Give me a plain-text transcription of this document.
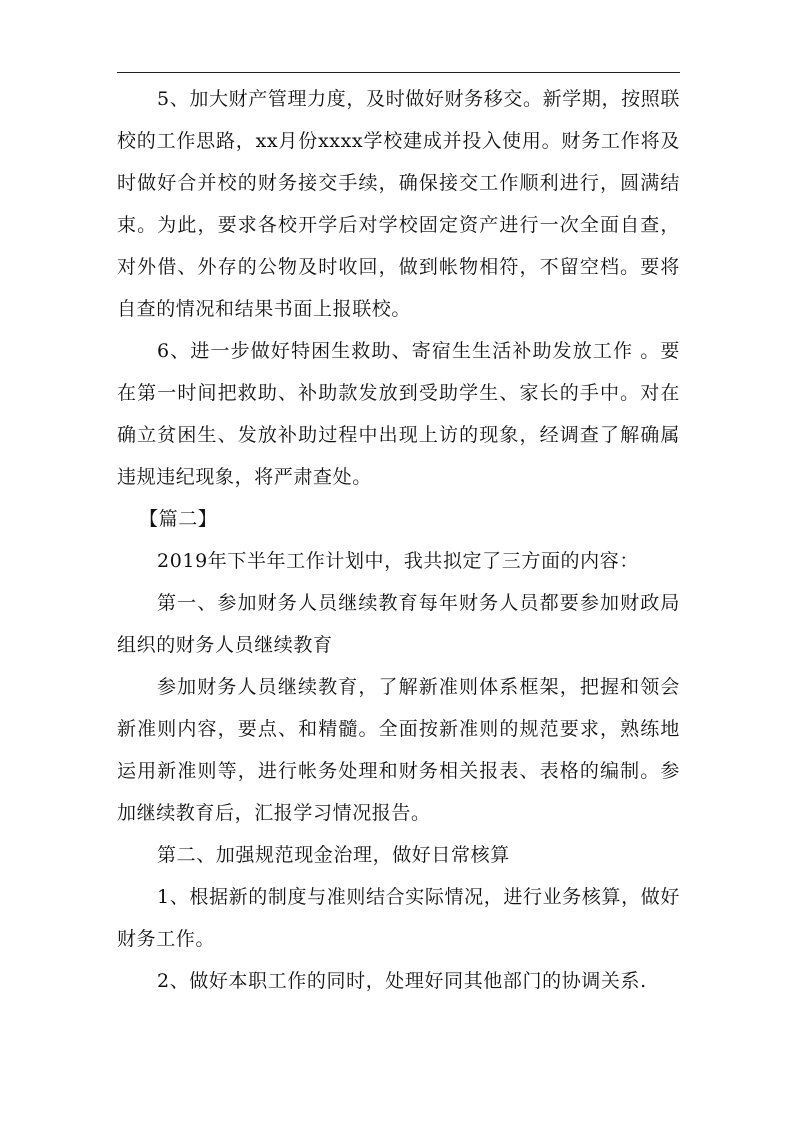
5、加大财产管理力度，及时做好财务移交。新学期，按照联校的工作思路，xx月份xxxx学校建成并投入使用。财务工作将及时做好合并校的财务接交手续，确保接交工作顺利进行，圆满结束。为此，要求各校开学后对学校固定资产进行一次全面自查，对外借、外存的公物及时收回，做到帐物相符，不留空档。要将自查的情况和结果书面上报联校。

6、进一步做好特困生救助、寄宿生生活补助发放工作 。要在第一时间把救助、补助款发放到受助学生、家长的手中。对在确立贫困生、发放补助过程中出现上访的现象，经调查了解确属违规违纪现象，将严肃查处。

【篇二】

2019年下半年工作计划中，我共拟定了三方面的内容：

第一、参加财务人员继续教育每年财务人员都要参加财政局组织的财务人员继续教育

参加财务人员继续教育，了解新准则体系框架，把握和领会新准则内容，要点、和精髓。全面按新准则的规范要求，熟练地运用新准则等，进行帐务处理和财务相关报表、表格的编制。参加继续教育后，汇报学习情况报告。

第二、加强规范现金治理，做好日常核算

1、根据新的制度与准则结合实际情况，进行业务核算，做好财务工作。

2、做好本职工作的同时，处理好同其他部门的协调关系.
